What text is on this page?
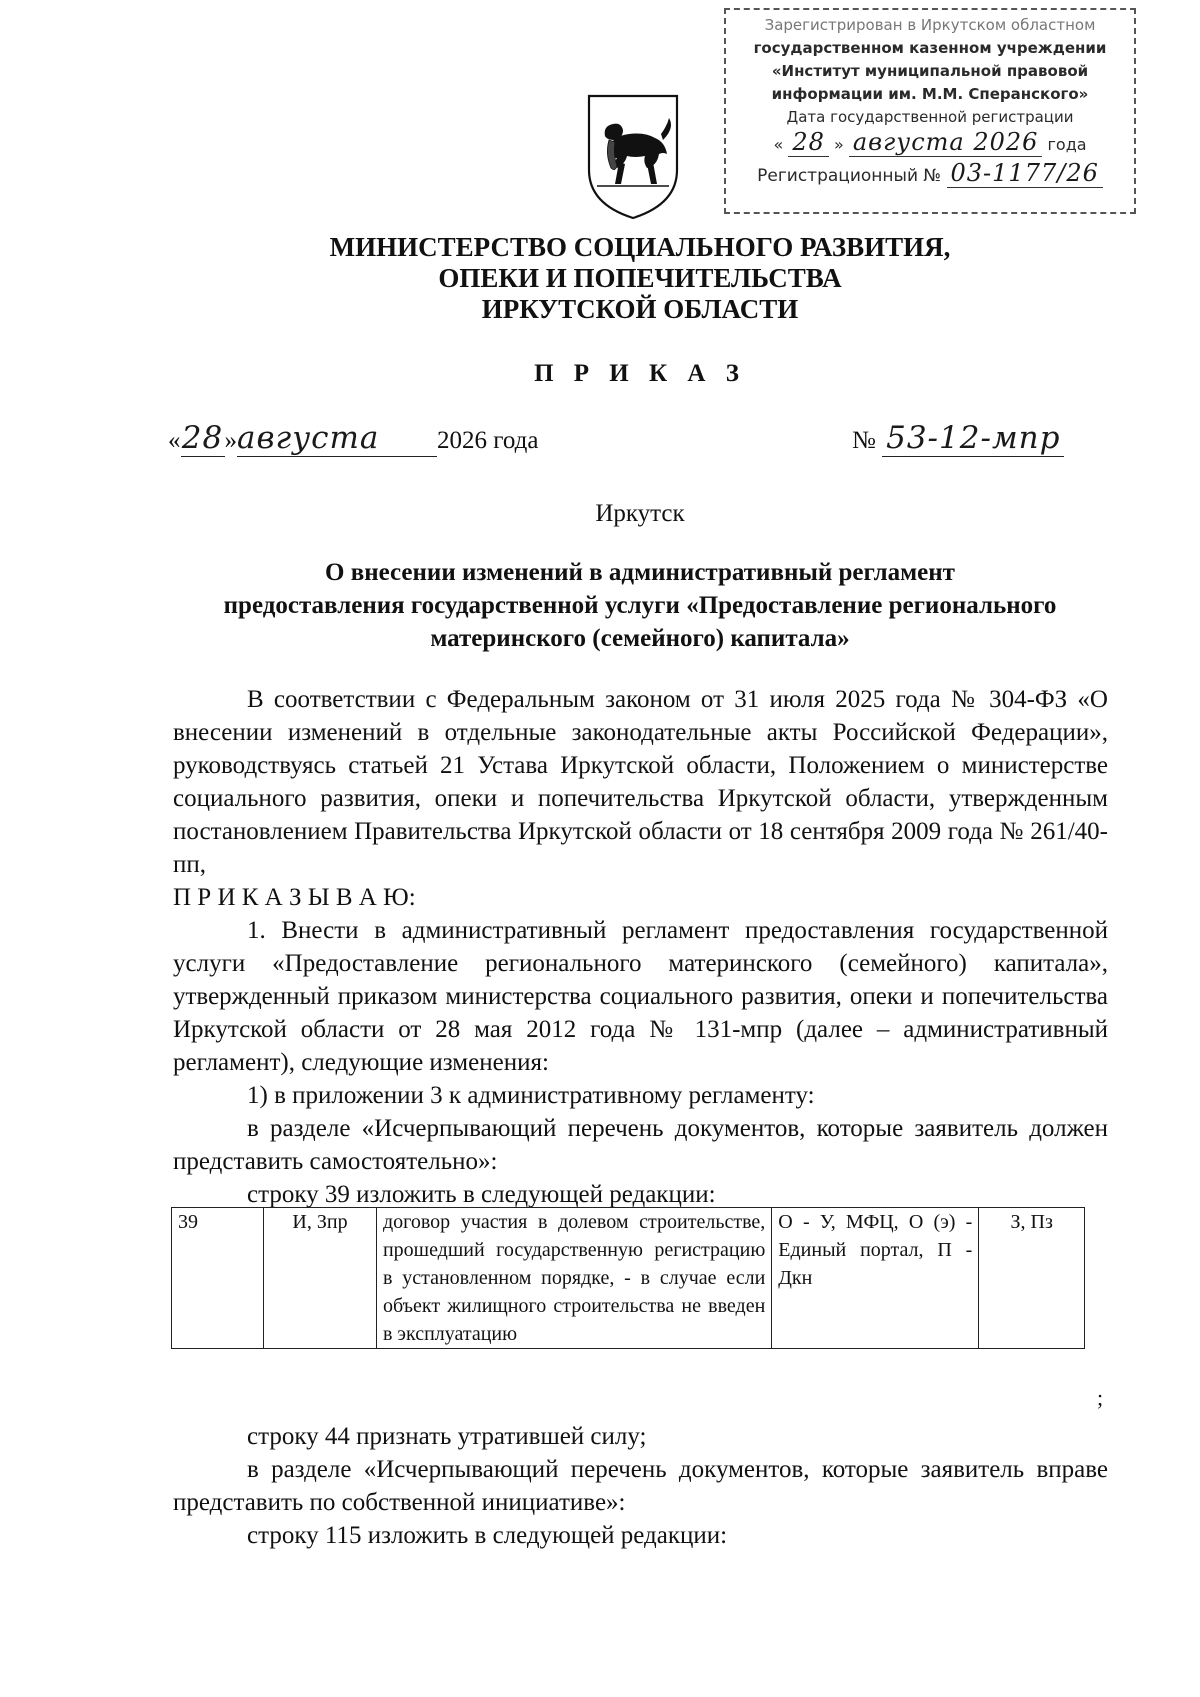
Зарегистрирован в Иркутском областном
государственном казенном учреждении
«Институт муниципальной правовой
информации им. М.М. Сперанского»
Дата государственной регистрации
« 28 » августа 2026 года
Регистрационный № 03-1177/26
МИНИСТЕРСТВО СОЦИАЛЬНОГО РАЗВИТИЯ,
ОПЕКИ И ПОПЕЧИТЕЛЬСТВА
ИРКУТСКОЙ ОБЛАСТИ
П Р И К А З
«28»августа 2026 года	№ 53-12-мпр
Иркутск
О внесении изменений в административный регламент
предоставления государственной услуги «Предоставление регионального
материнского (семейного) капитала»

В соответствии с Федеральным законом от 31 июля 2025 года № 304-ФЗ «О внесении изменений в отдельные законодательные акты Российской Федерации», руководствуясь статьей 21 Устава Иркутской области, Положением о министерстве социального развития, опеки и попечительства Иркутской области, утвержденным постановлением Правительства Иркутской области от 18 сентября 2009 года № 261/40-пп,

П Р И К А З Ы В А Ю:

1. Внести в административный регламент предоставления государственной услуги «Предоставление регионального материнского (семейного) капитала», утвержденный приказом министерства социального развития, опеки и попечительства Иркутской области от 28 мая 2012 года № 131-мпр (далее – административный регламент), следующие изменения:

1) в приложении 3 к административному регламенту:

в разделе «Исчерпывающий перечень документов, которые заявитель должен представить самостоятельно»:

строку 39 изложить в следующей редакции:

39	И, Зпр	договор участия в долевом строительстве, прошедший государственную регистрацию в установленном порядке, - в случае если объект жилищного строительства не введен в эксплуатацию	О - У, МФЦ, О (э) - Единый портал, П - Дкн	З, Пз
;

строку 44 признать утратившей силу;

в разделе «Исчерпывающий перечень документов, которые заявитель вправе представить по собственной инициативе»:

строку 115 изложить в следующей редакции:
